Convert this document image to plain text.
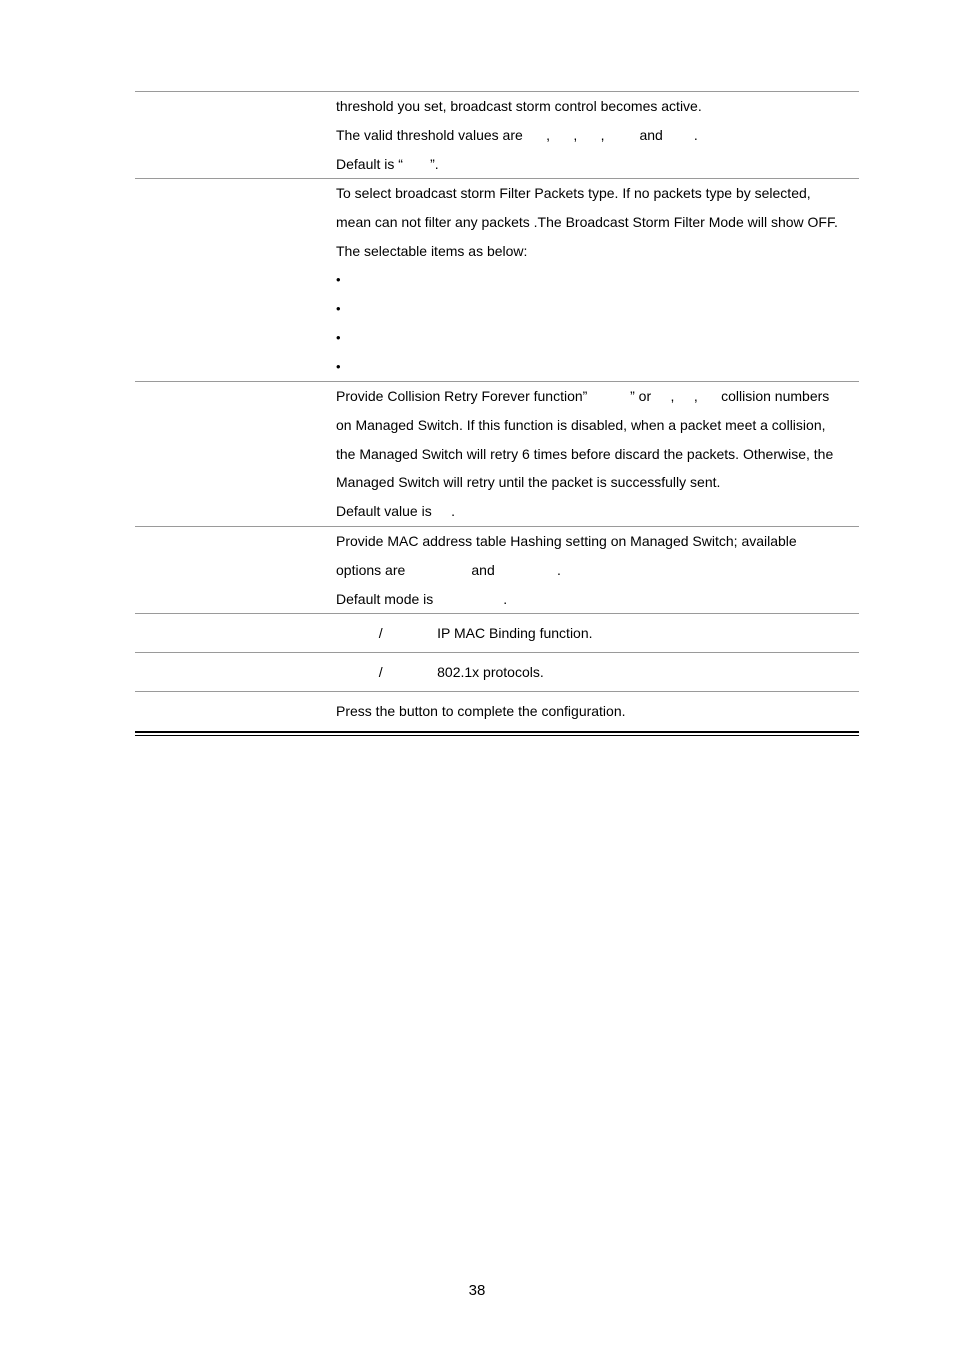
threshold you set, broadcast storm control becomes active.
The valid threshold values are      ,      ,      ,         and        .
Default is “       ”.
To select broadcast storm Filter Packets type. If no packets type by selected,
mean can not filter any packets .The Broadcast Storm Filter Mode will show OFF.
The selectable items as below:
•
•
•
•
Provide Collision Retry Forever function”           ” or     ,     ,      collision numbers
on Managed Switch. If this function is disabled, when a packet meet a collision,
the Managed Switch will retry 6 times before discard the packets. Otherwise, the
Managed Switch will retry until the packet is successfully sent.
Default value is     .
Provide MAC address table Hashing setting on Managed Switch; available
options are                 and                .
Default mode is                  .
/              IP MAC Binding function.
/              802.1x protocols.
Press the button to complete the configuration.
38
